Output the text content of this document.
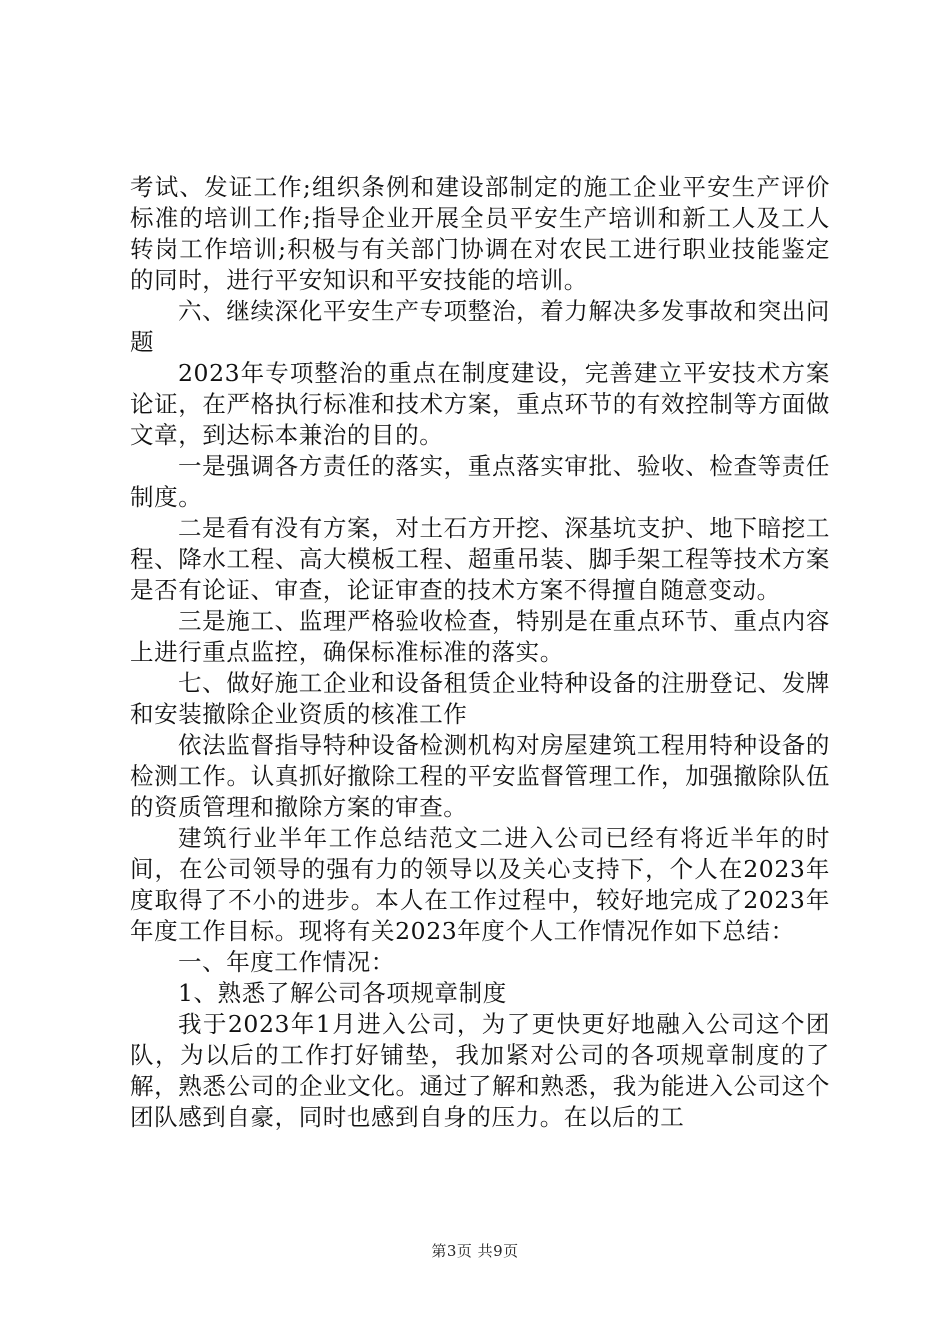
考试、发证工作;组织条例和建设部制定的施工企业平安生产评价标准的培训工作;指导企业开展全员平安生产培训和新工人及工人转岗工作培训;积极与有关部门协调在对农民工进行职业技能鉴定的同时，进行平安知识和平安技能的培训。

六、继续深化平安生产专项整治，着力解决多发事故和突出问题

2023年专项整治的重点在制度建设，完善建立平安技术方案论证，在严格执行标准和技术方案，重点环节的有效控制等方面做文章，到达标本兼治的目的。

一是强调各方责任的落实，重点落实审批、验收、检查等责任制度。

二是看有没有方案，对土石方开挖、深基坑支护、地下暗挖工程、降水工程、高大模板工程、超重吊装、脚手架工程等技术方案是否有论证、审查，论证审查的技术方案不得擅自随意变动。

三是施工、监理严格验收检查，特别是在重点环节、重点内容上进行重点监控，确保标准标准的落实。

七、做好施工企业和设备租赁企业特种设备的注册登记、发牌和安装撤除企业资质的核准工作

依法监督指导特种设备检测机构对房屋建筑工程用特种设备的检测工作。认真抓好撤除工程的平安监督管理工作，加强撤除队伍的资质管理和撤除方案的审查。

建筑行业半年工作总结范文二进入公司已经有将近半年的时间，在公司领导的强有力的领导以及关心支持下，个人在2023年度取得了不小的进步。本人在工作过程中，较好地完成了2023年年度工作目标。现将有关2023年度个人工作情况作如下总结：

一、年度工作情况：

1、熟悉了解公司各项规章制度

我于2023年1月进入公司，为了更快更好地融入公司这个团队，为以后的工作打好铺垫，我加紧对公司的各项规章制度的了解，熟悉公司的企业文化。通过了解和熟悉，我为能进入公司这个团队感到自豪，同时也感到自身的压力。在以后的工

第3页 共9页
